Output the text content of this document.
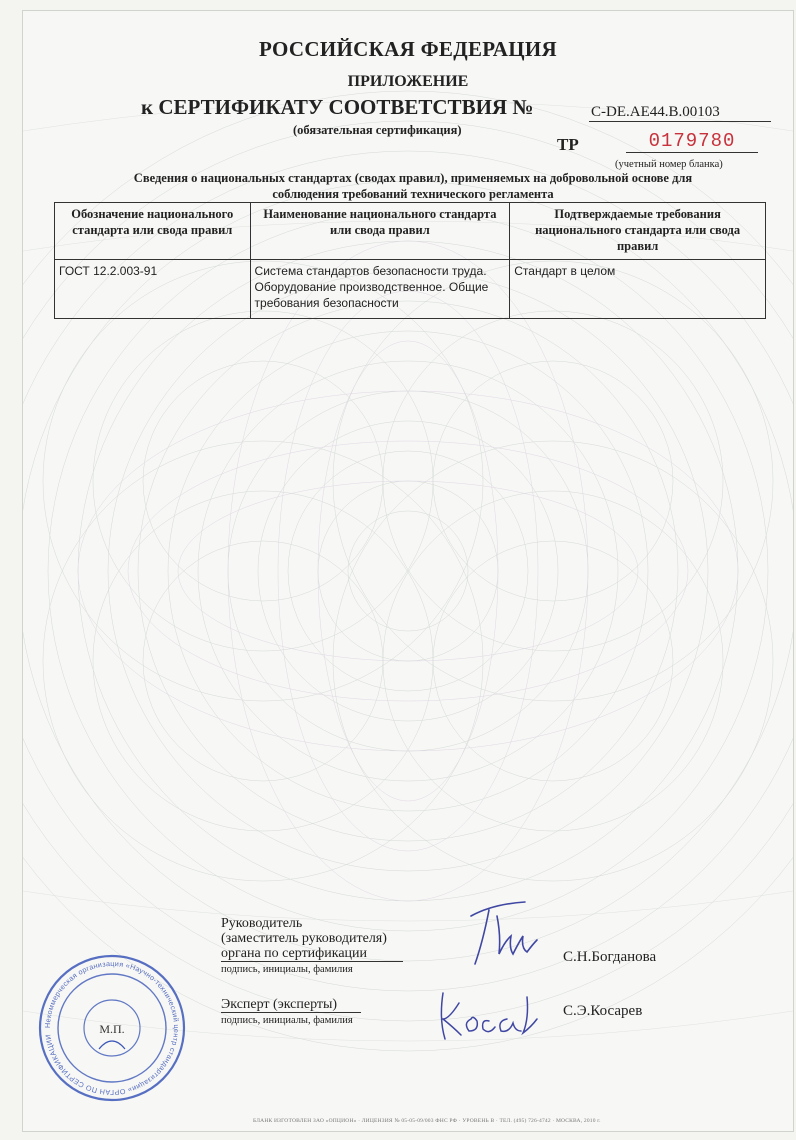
РОССИЙСКАЯ ФЕДЕРАЦИЯ
ПРИЛОЖЕНИЕ
к СЕРТИФИКАТУ СООТВЕТСТВИЯ №	С-DE.АЕ44.В.00103
(обязательная сертификация)
ТР	0179780
(учетный номер бланка)
Сведения о национальных стандартах (сводах правил), применяемых на добровольной основе для соблюдения требований технического регламента
Обозначение национального стандарта или свода правил	Наименование национального стандарта или свода правил	Подтверждаемые требования национального стандарта или свода правил
ГОСТ 12.2.003-91	Система стандартов безопасности труда. Оборудование производственное. Общие требования безопасности	Стандарт в целом
Руководитель
(заместитель руководителя)
органа по сертификации
подпись, инициалы, фамилия
С.Н.Богданова
Эксперт (эксперты)
подпись, инициалы, фамилия
С.Э.Косарев
Некоммерческая организация «Научно-технический центр стандартизации» ОРГАН ПО СЕРТИФИКАЦИИ
М.П.
БЛАНК ИЗГОТОВЛЕН ЗАО «ОПЦИОН» · ЛИЦЕНЗИЯ № 05-05-09/003 ФНС РФ · УРОВЕНЬ В · ТЕЛ. (495) 726-4742 · МОСКВА, 2010 г.
